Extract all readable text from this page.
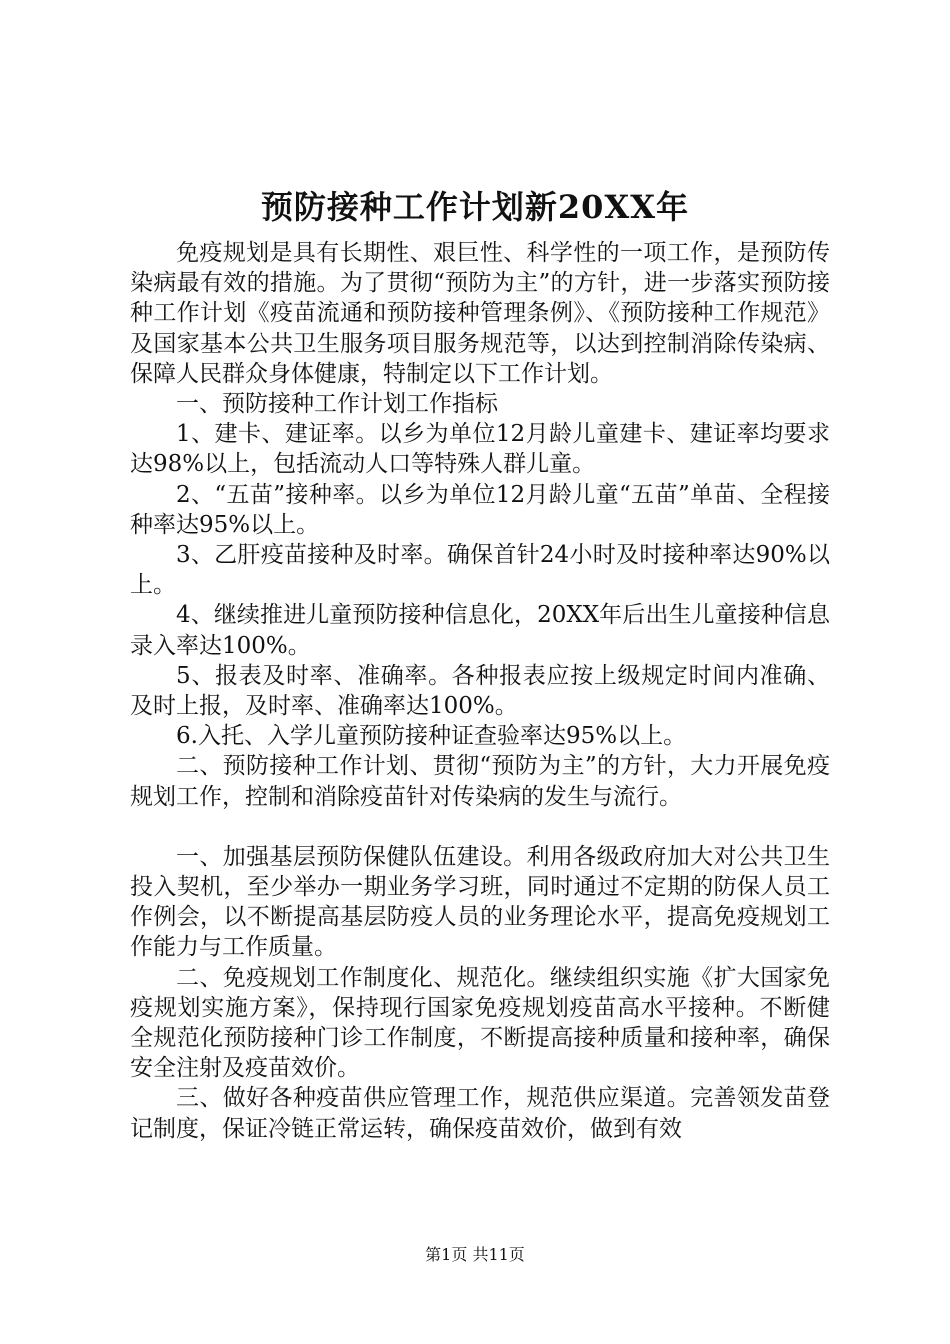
预防接种工作计划新20XX年

免疫规划是具有长期性、艰巨性、科学性的一项工作，是预防传染病最有效的措施。为了贯彻“预防为主”的方针，进一步落实预防接种工作计划《疫苗流通和预防接种管理条例》、《预防接种工作规范》及国家基本公共卫生服务项目服务规范等，以达到控制消除传染病、保障人民群众身体健康，特制定以下工作计划。

一、预防接种工作计划工作指标

1、建卡、建证率。以乡为单位12月龄儿童建卡、建证率均要求达98%以上，包括流动人口等特殊人群儿童。

2、“五苗”接种率。以乡为单位12月龄儿童“五苗”单苗、全程接种率达95%以上。

3、乙肝疫苗接种及时率。确保首针24小时及时接种率达90%以上。

4、继续推进儿童预防接种信息化，20XX年后出生儿童接种信息录入率达100%。

5、报表及时率、准确率。各种报表应按上级规定时间内准确、及时上报，及时率、准确率达100%。

6.入托、入学儿童预防接种证查验率达95%以上。

二、预防接种工作计划、贯彻“预防为主”的方针，大力开展免疫规划工作，控制和消除疫苗针对传染病的发生与流行。

一、加强基层预防保健队伍建设。利用各级政府加大对公共卫生投入契机，至少举办一期业务学习班，同时通过不定期的防保人员工作例会，以不断提高基层防疫人员的业务理论水平，提高免疫规划工作能力与工作质量。

二、免疫规划工作制度化、规范化。继续组织实施《扩大国家免疫规划实施方案》，保持现行国家免疫规划疫苗高水平接种。不断健全规范化预防接种门诊工作制度，不断提高接种质量和接种率，确保安全注射及疫苗效价。

三、做好各种疫苗供应管理工作，规范供应渠道。完善领发苗登记制度，保证冷链正常运转，确保疫苗效价，做到有效

第1页 共11页
